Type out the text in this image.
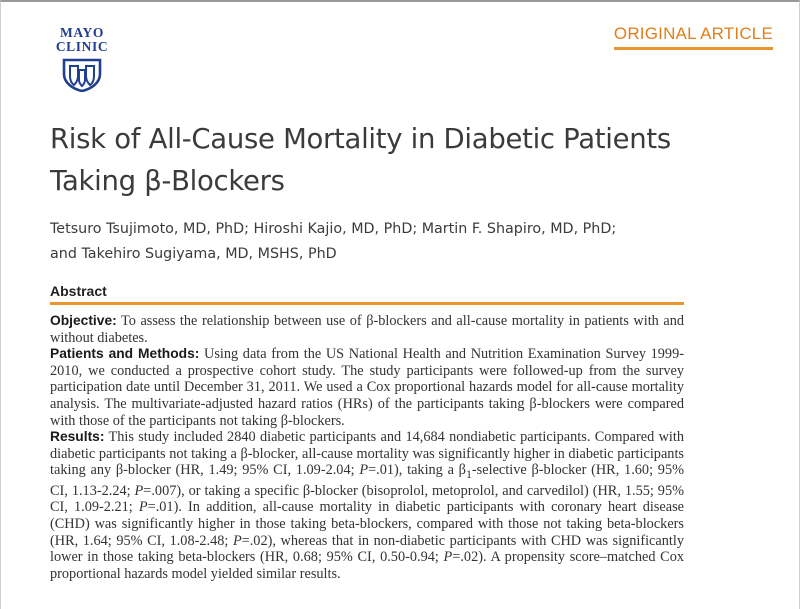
MAYO
CLINIC
ORIGINAL ARTICLE
Risk of All-Cause Mortality in Diabetic Patients
Taking β-Blockers
Tetsuro Tsujimoto, MD, PhD; Hiroshi Kajio, MD, PhD; Martin F. Shapiro, MD, PhD;
and Takehiro Sugiyama, MD, MSHS, PhD
Abstract

Objective: To assess the relationship between use of β-blockers and all-cause mortality in patients with and without diabetes.

Patients and Methods: Using data from the US National Health and Nutrition Examination Survey 1999-2010, we conducted a prospective cohort study. The study participants were followed-up from the survey participation date until December 31, 2011. We used a Cox proportional hazards model for all-cause mortality analysis. The multivariate-adjusted hazard ratios (HRs) of the participants taking β-blockers were compared with those of the participants not taking β-blockers.

Results: This study included 2840 diabetic participants and 14,684 nondiabetic participants. Compared with diabetic participants not taking a β-blocker, all-cause mortality was significantly higher in diabetic participants taking any β-blocker (HR, 1.49; 95% CI, 1.09-2.04; P=.01), taking a $\beta_1$-selective β-blocker (HR, 1.60; 95% CI, 1.13-2.24; P=.007), or taking a specific β-blocker (bisoprolol, metoprolol, and carvedilol) (HR, 1.55; 95% CI, 1.09-2.21; P=.01). In addition, all-cause mortality in diabetic participants with coronary heart disease (CHD) was significantly higher in those taking beta-blockers, compared with those not taking beta-blockers (HR, 1.64; 95% CI, 1.08-2.48; P=.02), whereas that in non-diabetic participants with CHD was significantly lower in those taking beta-blockers (HR, 0.68; 95% CI, 0.50-0.94; P=.02). A propensity score–matched Cox proportional hazards model yielded similar results.
